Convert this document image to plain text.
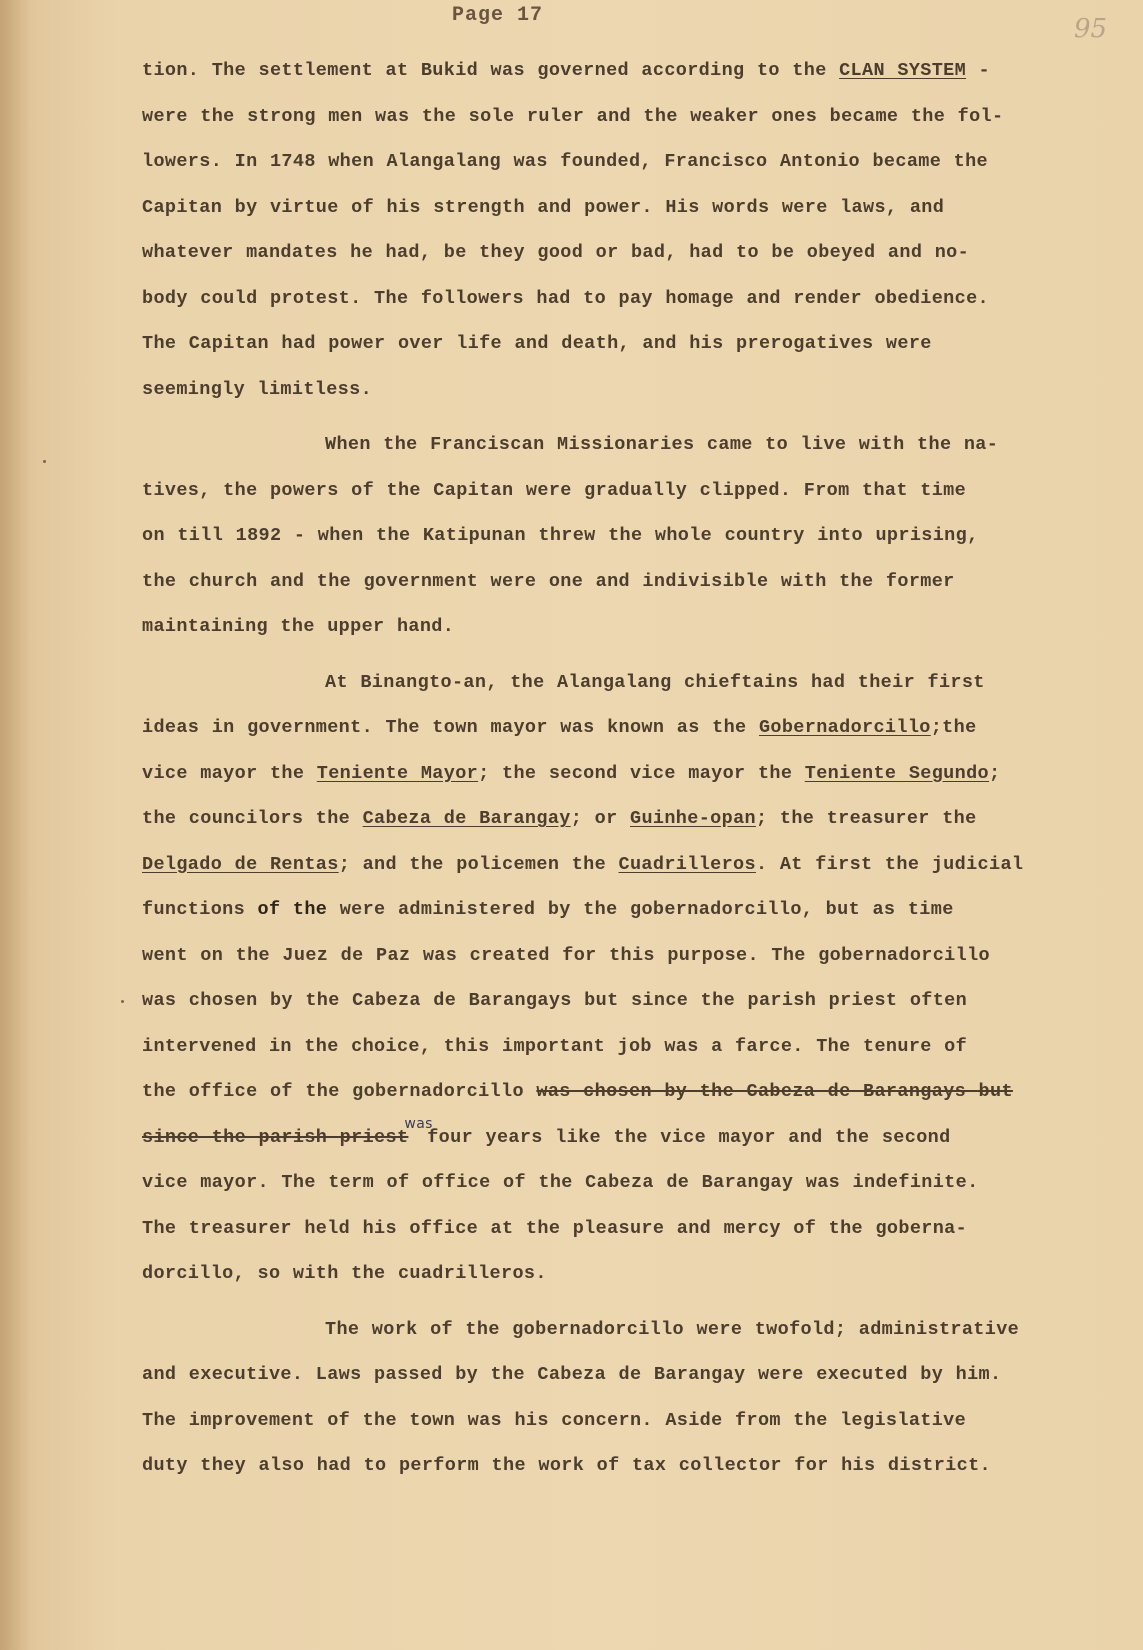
Page 17	95
tion. The settlement at Bukid was governed according to the CLAN SYSTEM -
were the strong men was the sole ruler and the weaker ones became the fol-
lowers. In 1748 when Alangalang was founded, Francisco Antonio became the
Capitan by virtue of his strength and power. His words were laws, and
whatever mandates he had, be they good or bad, had to be obeyed and no-
body could protest. The followers had to pay homage and render obedience.
The Capitan had power over life and death, and his prerogatives were
seemingly limitless.
When the Franciscan Missionaries came to live with the na-
tives, the powers of the Capitan were gradually clipped. From that time
on till 1892 - when the Katipunan threw the whole country into uprising,
the church and the government were one and indivisible with the former
maintaining the upper hand.
At Binangto-an, the Alangalang chieftains had their first
ideas in government. The town mayor was known as the Gobernadorcillo;the
vice mayor the Teniente Mayor; the second vice mayor the Teniente Segundo;
the councilors the Cabeza de Barangay; or Guinhe-opan; the treasurer the
Delgado de Rentas; and the policemen the Cuadrilleros. At first the judicial
functions of the were administered by the gobernadorcillo, but as time
went on the Juez de Paz was created for this purpose. The gobernadorcillo
was chosen by the Cabeza de Barangays but since the parish priest often
intervened in the choice, this important job was a farce. The tenure of
the office of the gobernadorcillo was chosen by the Cabeza de Barangays but
since the parish priest$^{was}$ four years like the vice mayor and the second
vice mayor. The term of office of the Cabeza de Barangay was indefinite.
The treasurer held his office at the pleasure and mercy of the goberna-
dorcillo, so with the cuadrilleros.
The work of the gobernadorcillo were twofold; administrative
and executive. Laws passed by the Cabeza de Barangay were executed by him.
The improvement of the town was his concern. Aside from the legislative
duty they also had to perform the work of tax collector for his district.
